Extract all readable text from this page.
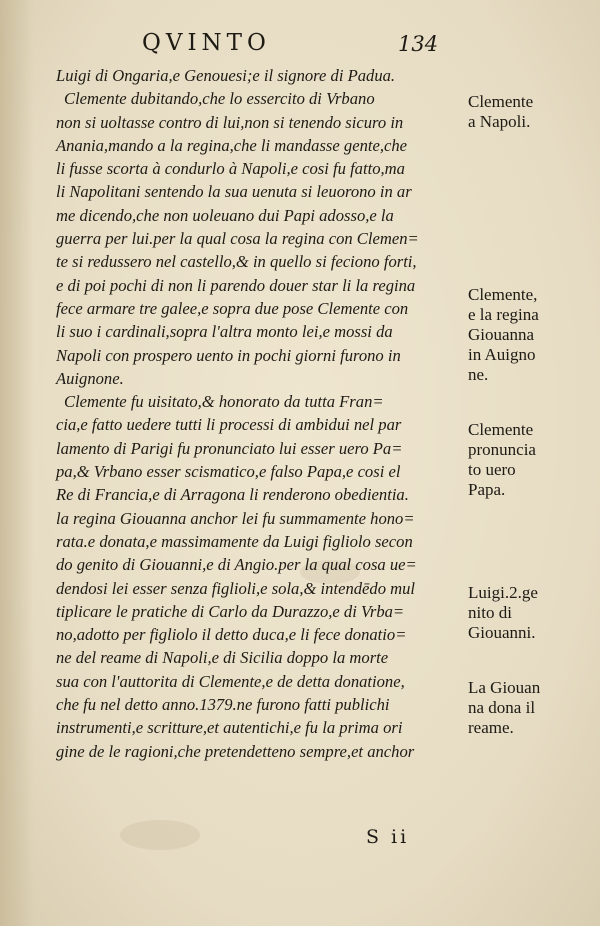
QVINTO	134
Luigi di Ongaria,e Genouesi;e il signore di Padua.
Clemente dubitando,che lo essercito di Vrbano
non si uoltasse contro di lui,non si tenendo sicuro in
Anania,mando a la regina,che li mandasse gente,che
li fusse scorta à condurlo à Napoli,e cosi fu fatto,ma
li Napolitani sentendo la sua uenuta si leuorono in ar
me dicendo,che non uoleuano dui Papi adosso,e la
guerra per lui.per la qual cosa la regina con Clemen=
te si redussero nel castello,& in quello si feciono forti,
e di poi pochi di non li parendo douer star li la regina
fece armare tre galee,e sopra due pose Clemente con
li suo i cardinali,sopra l'altra monto lei,e mossi da
Napoli con prospero uento in pochi giorni furono in
Auignone.
Clemente fu uisitato,& honorato da tutta Fran=
cia,e fatto uedere tutti li processi di ambidui nel par
lamento di Parigi fu pronunciato lui esser uero Pa=
pa,& Vrbano esser scismatico,e falso Papa,e cosi el
Re di Francia,e di Arragona li renderono obedientia.
la regina Giouanna anchor lei fu summamente hono=
rata.e donata,e massimamente da Luigi figliolo secon
do genito di Giouanni,e di Angio.per la qual cosa ue=
dendosi lei esser senza figlioli,e sola,& intendēdo mul
tiplicare le pratiche di Carlo da Durazzo,e di Vrba=
no,adotto per figliolo il detto duca,e li fece donatio=
ne del reame di Napoli,e di Sicilia doppo la morte
sua con l'auttorita di Clemente,e de detta donatione,
che fu nel detto anno.1379.ne furono fatti publichi
instrumenti,e scritture,et autentichi,e fu la prima ori
gine de le ragioni,che pretendetteno sempre,et anchor
Clemente
a Napoli.
Clemente,
e la regina
Giouanna
in Auigno
ne.
Clemente
pronuncia
to uero
Papa.
Luigi.2.ge
nito di
Giouanni.
La Giouan
na dona il
reame.
S ii
